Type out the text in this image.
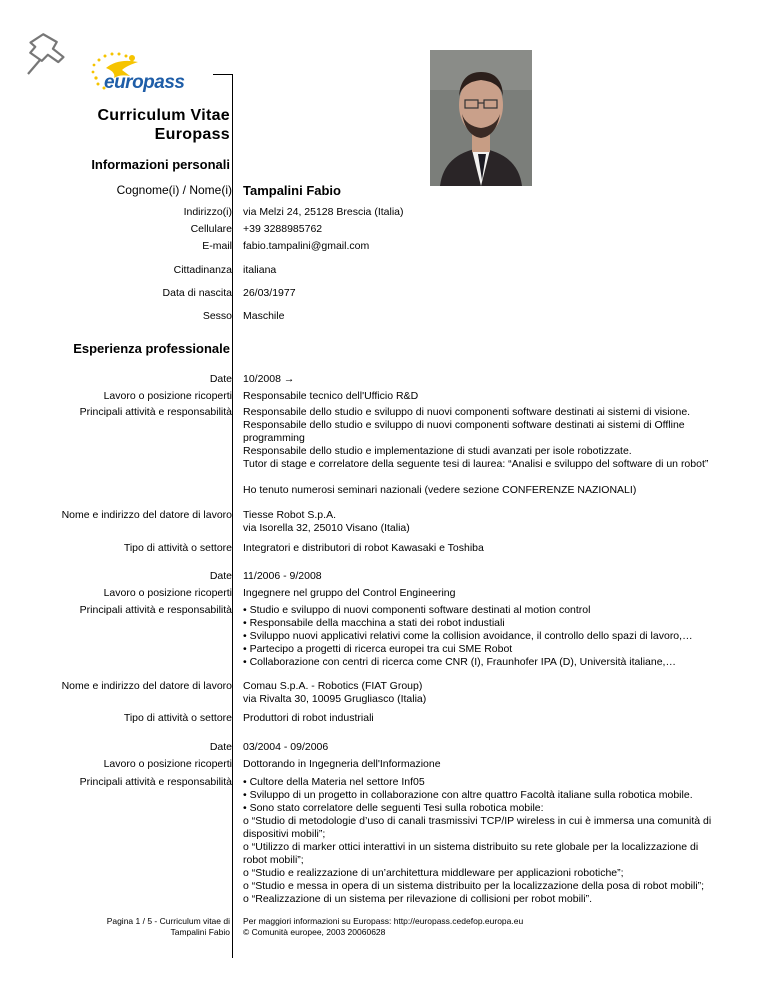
europass
Curriculum Vitae
Europass
Informazioni personali
Cognome(i) / Nome(i) Tampalini Fabio
Indirizzo(i) via Melzi 24, 25128 Brescia (Italia)
Cellulare +39 3288985762
E-mail fabio.tampalini@gmail.com
Cittadinanza italiana
Data di nascita 26/03/1977
Sesso Maschile
Esperienza professionale
Date 10/2008 →
Lavoro o posizione ricoperti Responsabile tecnico dell'Ufficio R&D
Principali attività e responsabilità Responsabile dello studio e sviluppo di nuovi componenti software destinati ai sistemi di visione.
Responsabile dello studio e sviluppo di nuovi componenti software destinati ai sistemi di Offline
programming
Responsabile dello studio e implementazione di studi avanzati per isole robotizzate.
Tutor di stage e correlatore della seguente tesi di laurea: “Analisi e sviluppo del software di un robot”
Ho tenuto numerosi seminari nazionali (vedere sezione CONFERENZE NAZIONALI)
Nome e indirizzo del datore di lavoro Tiesse Robot S.p.A.
via Isorella 32, 25010 Visano (Italia)
Tipo di attività o settore Integratori e distributori di robot Kawasaki e Toshiba
Date 11/2006 - 9/2008
Lavoro o posizione ricoperti Ingegnere nel gruppo del Control Engineering
Principali attività e responsabilità • Studio e sviluppo di nuovi componenti software destinati al motion control
• Responsabile della macchina a stati dei robot industiali
• Sviluppo nuovi applicativi relativi come la collision avoidance, il controllo dello spazi di lavoro,…
• Partecipo a progetti di ricerca europei tra cui SME Robot
• Collaborazione con centri di ricerca come CNR (I), Fraunhofer IPA (D), Università italiane,…
Nome e indirizzo del datore di lavoro Comau S.p.A. - Robotics (FIAT Group)
via Rivalta 30, 10095 Grugliasco (Italia)
Tipo di attività o settore Produttori di robot industriali
Date 03/2004 - 09/2006
Lavoro o posizione ricoperti Dottorando in Ingegneria dell'Informazione
Principali attività e responsabilità • Cultore della Materia nel settore Inf05
• Sviluppo di un progetto in collaborazione con altre quattro Facoltà italiane sulla robotica mobile.
• Sono stato correlatore delle seguenti Tesi sulla robotica mobile:
o “Studio di metodologie d’uso di canali trasmissivi TCP/IP wireless in cui è immersa una comunità di
dispositivi mobili”;
o “Utilizzo di marker ottici interattivi in un sistema distribuito su rete globale per la localizzazione di
robot mobili”;
o “Studio e realizzazione di un’architettura middleware per applicazioni robotiche”;
o “Studio e messa in opera di un sistema distribuito per la localizzazione della posa di robot mobili”;
o “Realizzazione di un sistema per rilevazione di collisioni per robot mobili”.
Pagina 1 / 5 - Curriculum vitae di
Tampalini Fabio
Per maggiori informazioni su Europass: http://europass.cedefop.europa.eu
© Comunità europee, 2003 20060628
